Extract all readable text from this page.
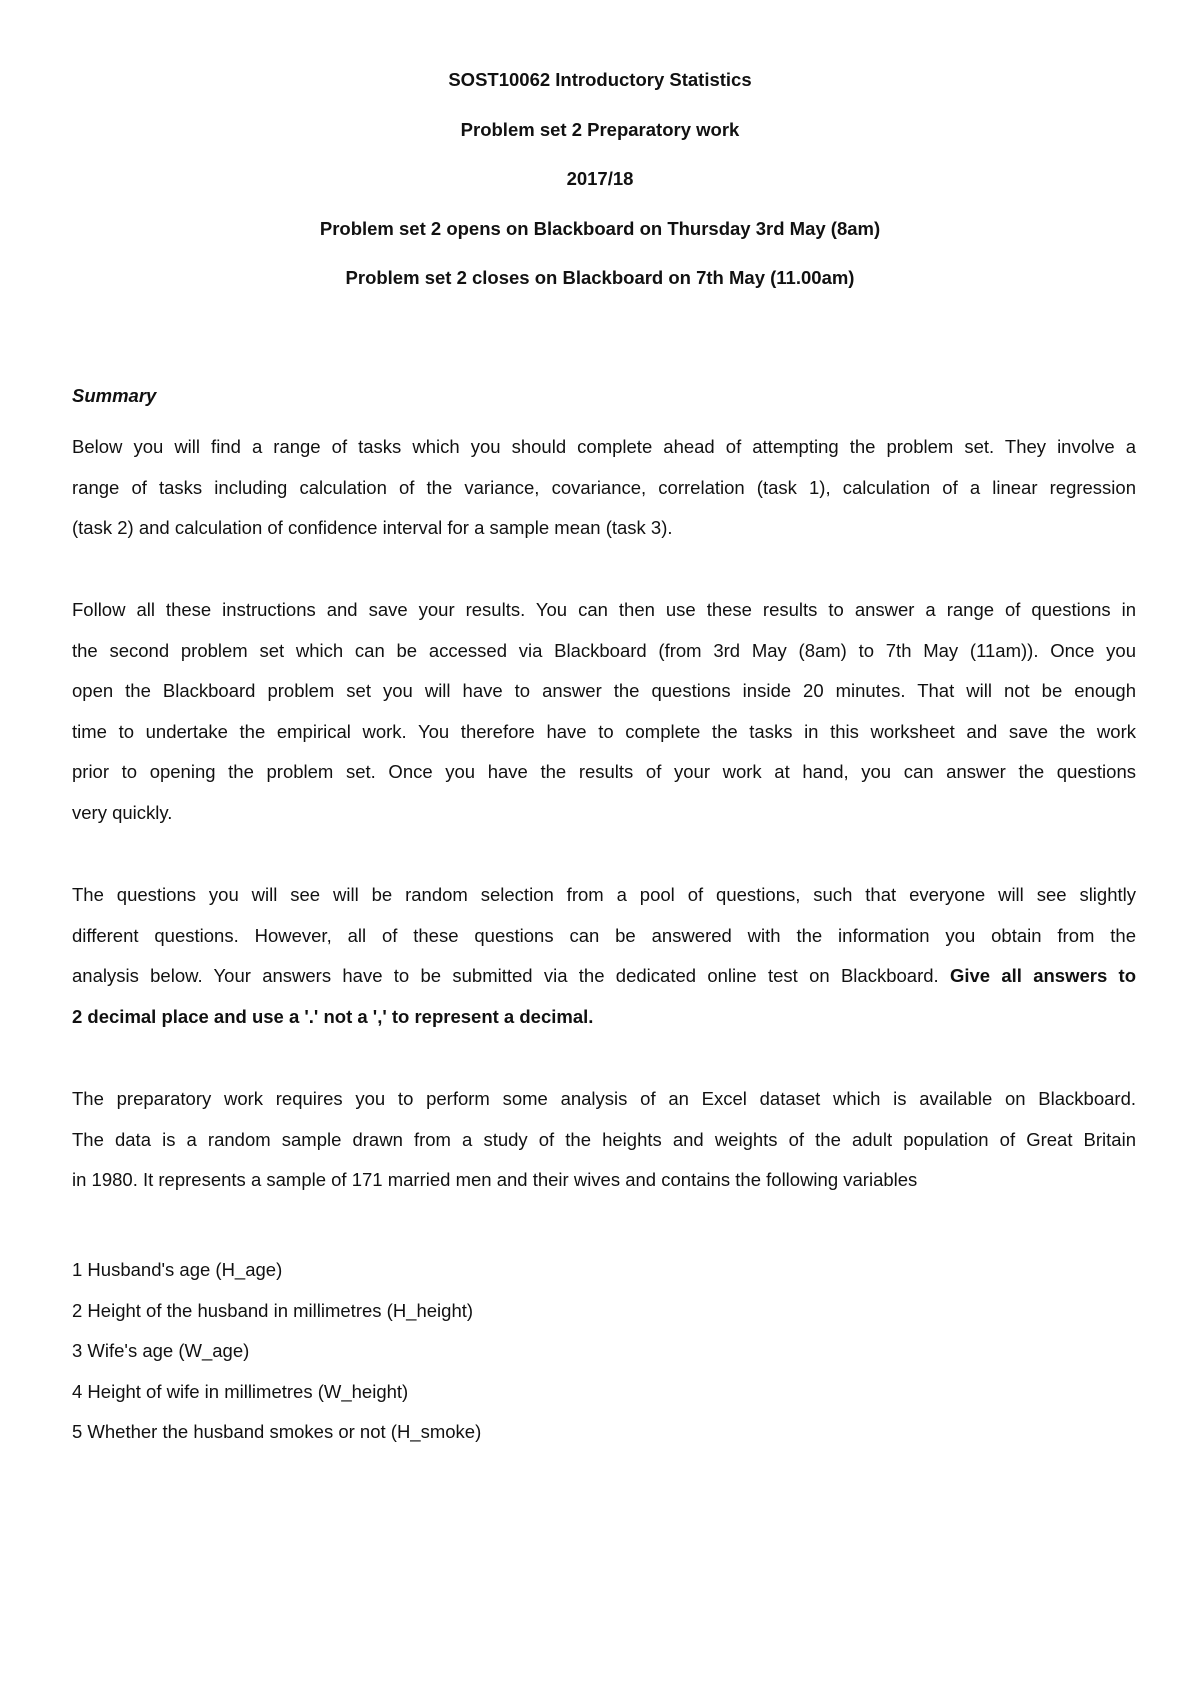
SOST10062 Introductory Statistics
Problem set 2 Preparatory work
2017/18
Problem set 2 opens on Blackboard on Thursday 3rd May (8am)
Problem set 2 closes on Blackboard on 7th May (11.00am)
Summary
Below you will find a range of tasks which you should complete ahead of attempting the problem set. They involve a
range of tasks including calculation of the variance, covariance, correlation (task 1), calculation of a linear regression
(task 2) and calculation of confidence interval for a sample mean (task 3).
Follow all these instructions and save your results. You can then use these results to answer a range of questions in
the second problem set which can be accessed via Blackboard (from 3rd May (8am) to 7th May (11am)). Once you
open the Blackboard problem set you will have to answer the questions inside 20 minutes. That will not be enough
time to undertake the empirical work. You therefore have to complete the tasks in this worksheet and save the work
prior to opening the problem set. Once you have the results of your work at hand, you can answer the questions
very quickly.
The questions you will see will be random selection from a pool of questions, such that everyone will see slightly
different questions. However, all of these questions can be answered with the information you obtain from the
analysis below. Your answers have to be submitted via the dedicated online test on Blackboard. Give all answers to
2 decimal place and use a '.' not a ',' to represent a decimal.
The preparatory work requires you to perform some analysis of an Excel dataset which is available on Blackboard.
The data is a random sample drawn from a study of the heights and weights of the adult population of Great Britain
in 1980. It represents a sample of 171 married men and their wives and contains the following variables
1 Husband's age (H_age)
2 Height of the husband in millimetres (H_height)
3 Wife's age (W_age)
4 Height of wife in millimetres (W_height)
5 Whether the husband smokes or not (H_smoke)
